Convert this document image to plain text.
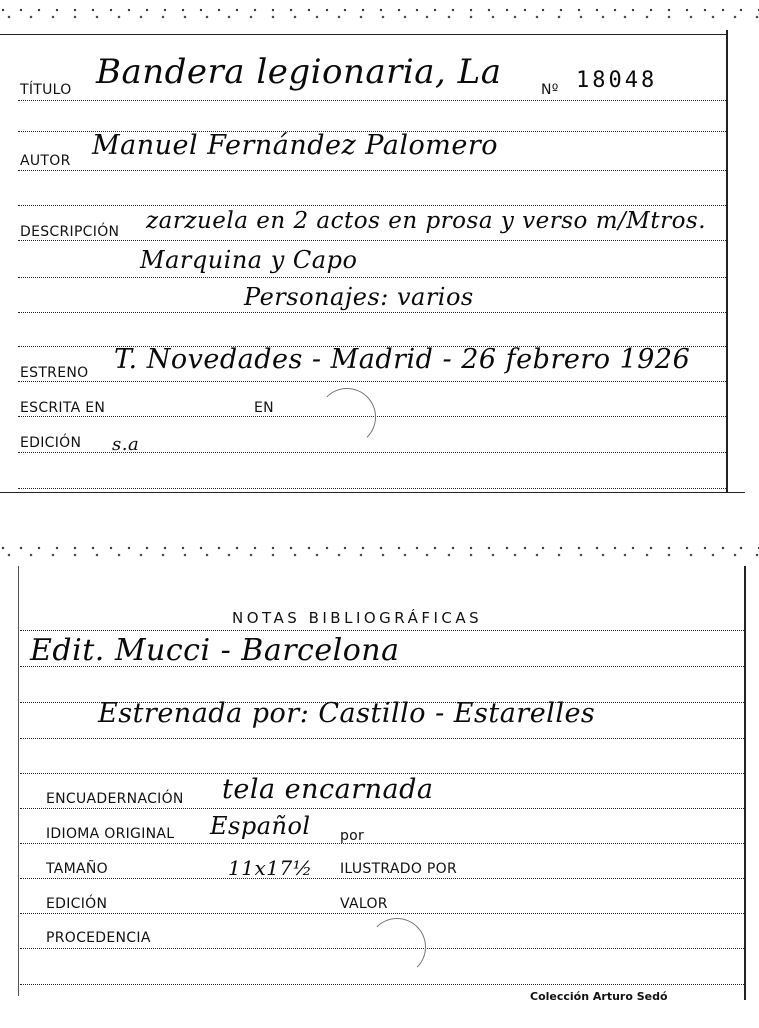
TÍTULO Bandera legionaria, La	Nº 18048
AUTOR Manuel Fernández Palomero
DESCRIPCIÓN zarzuela en 2 actos en prosa y verso m/Mtros.
Marquina y Capo
Personajes: varios
ESTRENO T. Novedades - Madrid - 26 febrero 1926
ESCRITA EN	EN
EDICIÓN s.a
NOTAS BIBLIOGRÁFICAS
Edit. Mucci - Barcelona
Estrenada por: Castillo - Estarelles
ENCUADERNACIÓN tela encarnada
IDIOMA ORIGINAL Español por
TAMAÑO	11x17½ ILUSTRADO POR
EDICIÓN	VALOR
PROCEDENCIA
Colección Arturo Sedó
